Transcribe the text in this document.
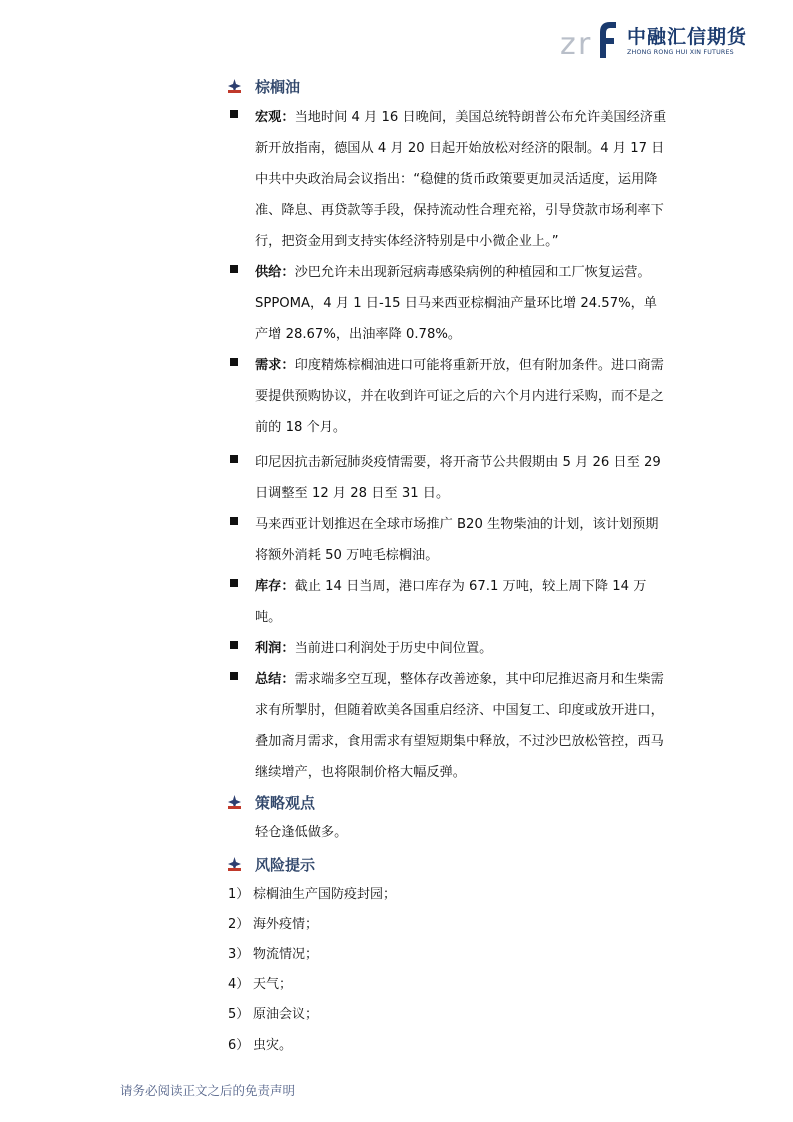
z r 中融汇信期货
ZHONG RONG HUI XIN FUTURES
棕榈油
宏观：当地时间 4 月 16 日晚间，美国总统特朗普公布允许美国经济重新开放指南，德国从 4 月 20 日起开始放松对经济的限制。4 月 17 日中共中央政治局会议指出：“稳健的货币政策要更加灵活适度，运用降准、降息、再贷款等手段，保持流动性合理充裕，引导贷款市场利率下行，把资金用到支持实体经济特别是中小微企业上。”
供给：沙巴允许未出现新冠病毒感染病例的种植园和工厂恢复运营。SPPOMA，4 月 1 日-15 日马来西亚棕榈油产量环比增 24.57%，单产增 28.67%，出油率降 0.78%。
需求：印度精炼棕榈油进口可能将重新开放，但有附加条件。进口商需要提供预购协议，并在收到许可证之后的六个月内进行采购，而不是之前的 18 个月。
印尼因抗击新冠肺炎疫情需要，将开斋节公共假期由 5 月 26 日至 29 日调整至 12 月 28 日至 31 日。
马来西亚计划推迟在全球市场推广 B20 生物柴油的计划，该计划预期将额外消耗 50 万吨毛棕榈油。
库存：截止 14 日当周，港口库存为 67.1 万吨，较上周下降 14 万吨。
利润：当前进口利润处于历史中间位置。
总结：需求端多空互现，整体存改善迹象，其中印尼推迟斋月和生柴需求有所掣肘，但随着欧美各国重启经济、中国复工、印度或放开进口，叠加斋月需求，食用需求有望短期集中释放，不过沙巴放松管控，西马继续增产，也将限制价格大幅反弹。
策略观点
轻仓逢低做多。
风险提示
1） 棕榈油生产国防疫封园；
2） 海外疫情；
3） 物流情况；
4） 天气；
5） 原油会议；
6） 虫灾。
请务必阅读正文之后的免责声明
